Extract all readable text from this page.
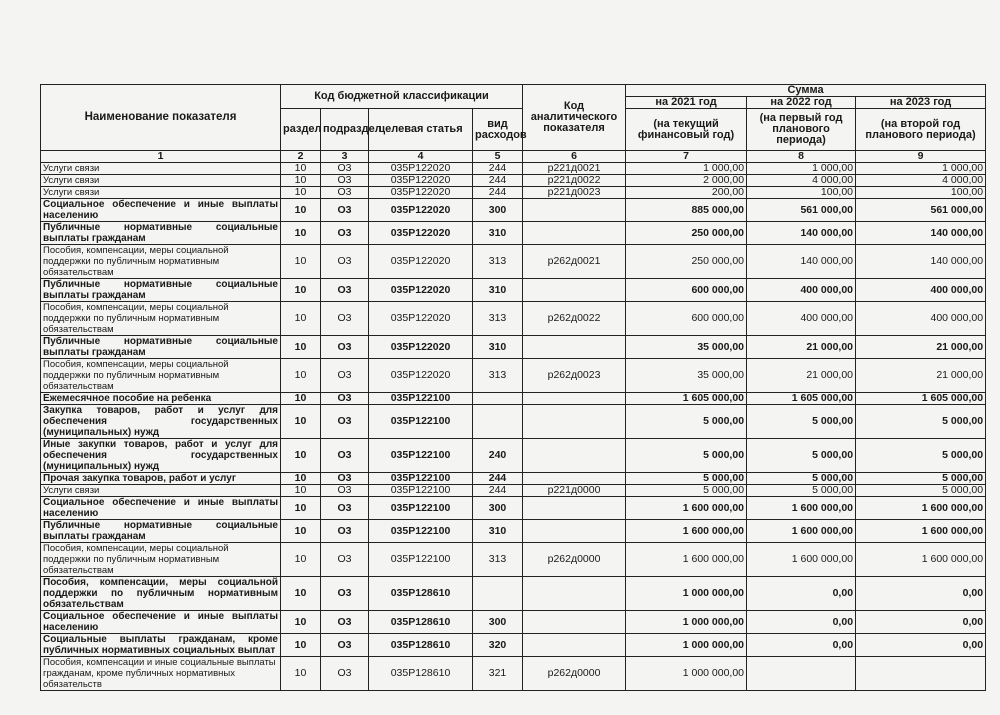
Наименование показателя	Код бюджетной классификации				Код аналитического показателя	Сумма		
						на 2021 год	на 2022 год	на 2023 год
	раздел	подраздел	целевая статья	вид расходов		(на текущий финансовый год)	(на первый год планового периода)	(на второй год планового периода)

1	2	3	4	5	6	7	8	9
Услуги связи	10	О3	035Р122020	244	р221д0021	1 000,00	1 000,00	1 000,00
Услуги связи	10	О3	035Р122020	244	р221д0022	2 000,00	4 000,00	4 000,00
Услуги связи	10	О3	035Р122020	244	р221д0023	200,00	100,00	100,00
Социальное обеспечение и иные выплаты населению	10	О3	035Р122020	300		885 000,00	561 000,00	561 000,00
Публичные нормативные социальные выплаты гражданам	10	О3	035Р122020	310		250 000,00	140 000,00	140 000,00
Пособия, компенсации, меры социальной поддержки по публичным нормативным обязательствам	10	О3	035Р122020	313	р262д0021	250 000,00	140 000,00	140 000,00
Публичные нормативные социальные выплаты гражданам	10	О3	035Р122020	310		600 000,00	400 000,00	400 000,00
Пособия, компенсации, меры социальной поддержки по публичным нормативным обязательствам	10	О3	035Р122020	313	р262д0022	600 000,00	400 000,00	400 000,00
Публичные нормативные социальные выплаты гражданам	10	О3	035Р122020	310		35 000,00	21 000,00	21 000,00
Пособия, компенсации, меры социальной поддержки по публичным нормативным обязательствам	10	О3	035Р122020	313	р262д0023	35 000,00	21 000,00	21 000,00
Ежемесячное пособие на ребенка	10	О3	035Р122100			1 605 000,00	1 605 000,00	1 605 000,00
Закупка товаров, работ и услуг для обеспечения государственных (муниципальных) нужд	10	О3	035Р122100			5 000,00	5 000,00	5 000,00
Иные закупки товаров, работ и услуг для обеспечения государственных (муниципальных) нужд	10	О3	035Р122100	240		5 000,00	5 000,00	5 000,00
Прочая закупка товаров, работ и услуг	10	О3	035Р122100	244		5 000,00	5 000,00	5 000,00
Услуги связи	10	О3	035Р122100	244	р221д0000	5 000,00	5 000,00	5 000,00
Социальное обеспечение и иные выплаты населению	10	О3	035Р122100	300		1 600 000,00	1 600 000,00	1 600 000,00
Публичные нормативные социальные выплаты гражданам	10	О3	035Р122100	310		1 600 000,00	1 600 000,00	1 600 000,00
Пособия, компенсации, меры социальной поддержки по публичным нормативным обязательствам	10	О3	035Р122100	313	р262д0000	1 600 000,00	1 600 000,00	1 600 000,00
Пособия, компенсации, меры социальной поддержки по публичным нормативным обязательствам	10	О3	035Р128610			1 000 000,00	0,00	0,00
Социальное обеспечение и иные выплаты населению	10	О3	035Р128610	300		1 000 000,00	0,00	0,00
Социальные выплаты гражданам, кроме публичных нормативных социальных выплат	10	О3	035Р128610	320		1 000 000,00	0,00	0,00
Пособия, компенсации и иные социальные выплаты гражданам, кроме публичных нормативных обязательств	10	О3	035Р128610	321	р262д0000	1 000 000,00		
